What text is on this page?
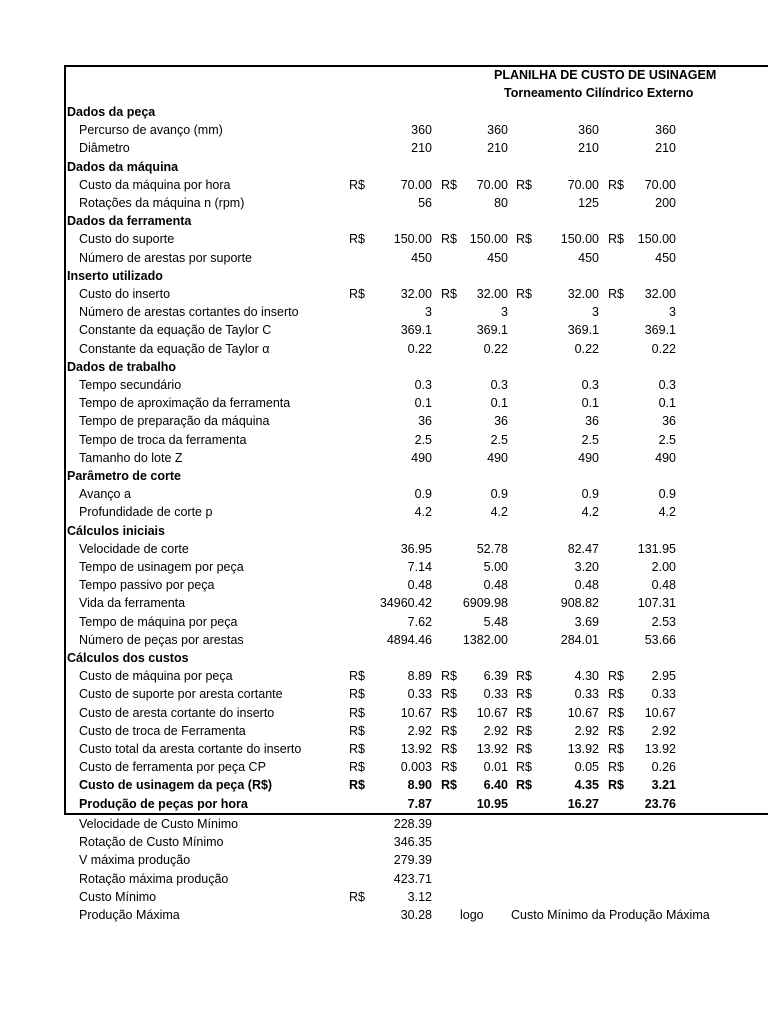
PLANILHA DE CUSTO DE USINAGEM
Torneamento Cilíndrico Externo
Dados da peça
Percurso de avanço (mm)	360	360	360	360
Diâmetro	210	210	210	210
Dados da máquina
Custo da máquina por hora	R$	70.00 R$	70.00 R$	70.00 R$	70.00
Rotações da máquina n (rpm)	56	80	125	200
Dados da ferramenta
Custo do suporte	R$	150.00 R$	150.00 R$	150.00 R$	150.00
Número de arestas por suporte	450	450	450	450
Inserto utilizado
Custo do inserto	R$	32.00 R$	32.00 R$	32.00 R$	32.00
Número de arestas cortantes do inserto	3	3	3	3
Constante da equação de Taylor C	369.1	369.1	369.1	369.1
Constante da equação de Taylor α	0.22	0.22	0.22	0.22
Dados de trabalho
Tempo secundário	0.3	0.3	0.3	0.3
Tempo de aproximação da ferramenta	0.1	0.1	0.1	0.1
Tempo de preparação da máquina	36	36	36	36
Tempo de troca da ferramenta	2.5	2.5	2.5	2.5
Tamanho do lote Z	490	490	490	490
Parâmetro de corte
Avanço a	0.9	0.9	0.9	0.9
Profundidade de corte p	4.2	4.2	4.2	4.2
Cálculos iniciais
Velocidade de corte	36.95	52.78	82.47	131.95
Tempo de usinagem por peça	7.14	5.00	3.20	2.00
Tempo passivo por peça	0.48	0.48	0.48	0.48
Vida da ferramenta	34960.42	6909.98	908.82	107.31
Tempo de máquina por peça	7.62	5.48	3.69	2.53
Número de peças por arestas	4894.46	1382.00	284.01	53.66
Cálculos dos custos
Custo de máquina por peça	R$	8.89 R$	6.39 R$	4.30 R$	2.95
Custo de suporte por aresta cortante	R$	0.33 R$	0.33 R$	0.33 R$	0.33
Custo de aresta cortante do inserto	R$	10.67 R$	10.67 R$	10.67 R$	10.67
Custo de troca de Ferramenta	R$	2.92 R$	2.92 R$	2.92 R$	2.92
Custo total da aresta cortante do inserto	R$	13.92 R$	13.92 R$	13.92 R$	13.92
Custo de ferramenta por peça CP	R$	0.003 R$	0.01 R$	0.05 R$	0.26
Custo de usinagem da peça (R$)	R$	8.90 R$	6.40 R$	4.35 R$	3.21
Produção de peças por hora	7.87	10.95	16.27	23.76
Velocidade de Custo Mínimo	228.39
Rotação de Custo Mínimo	346.35
V máxima produção	279.39
Rotação máxima produção	423.71
Custo Mínimo	R$	3.12
Produção Máxima	30.28 logo Custo Mínimo da Produção Máxima
